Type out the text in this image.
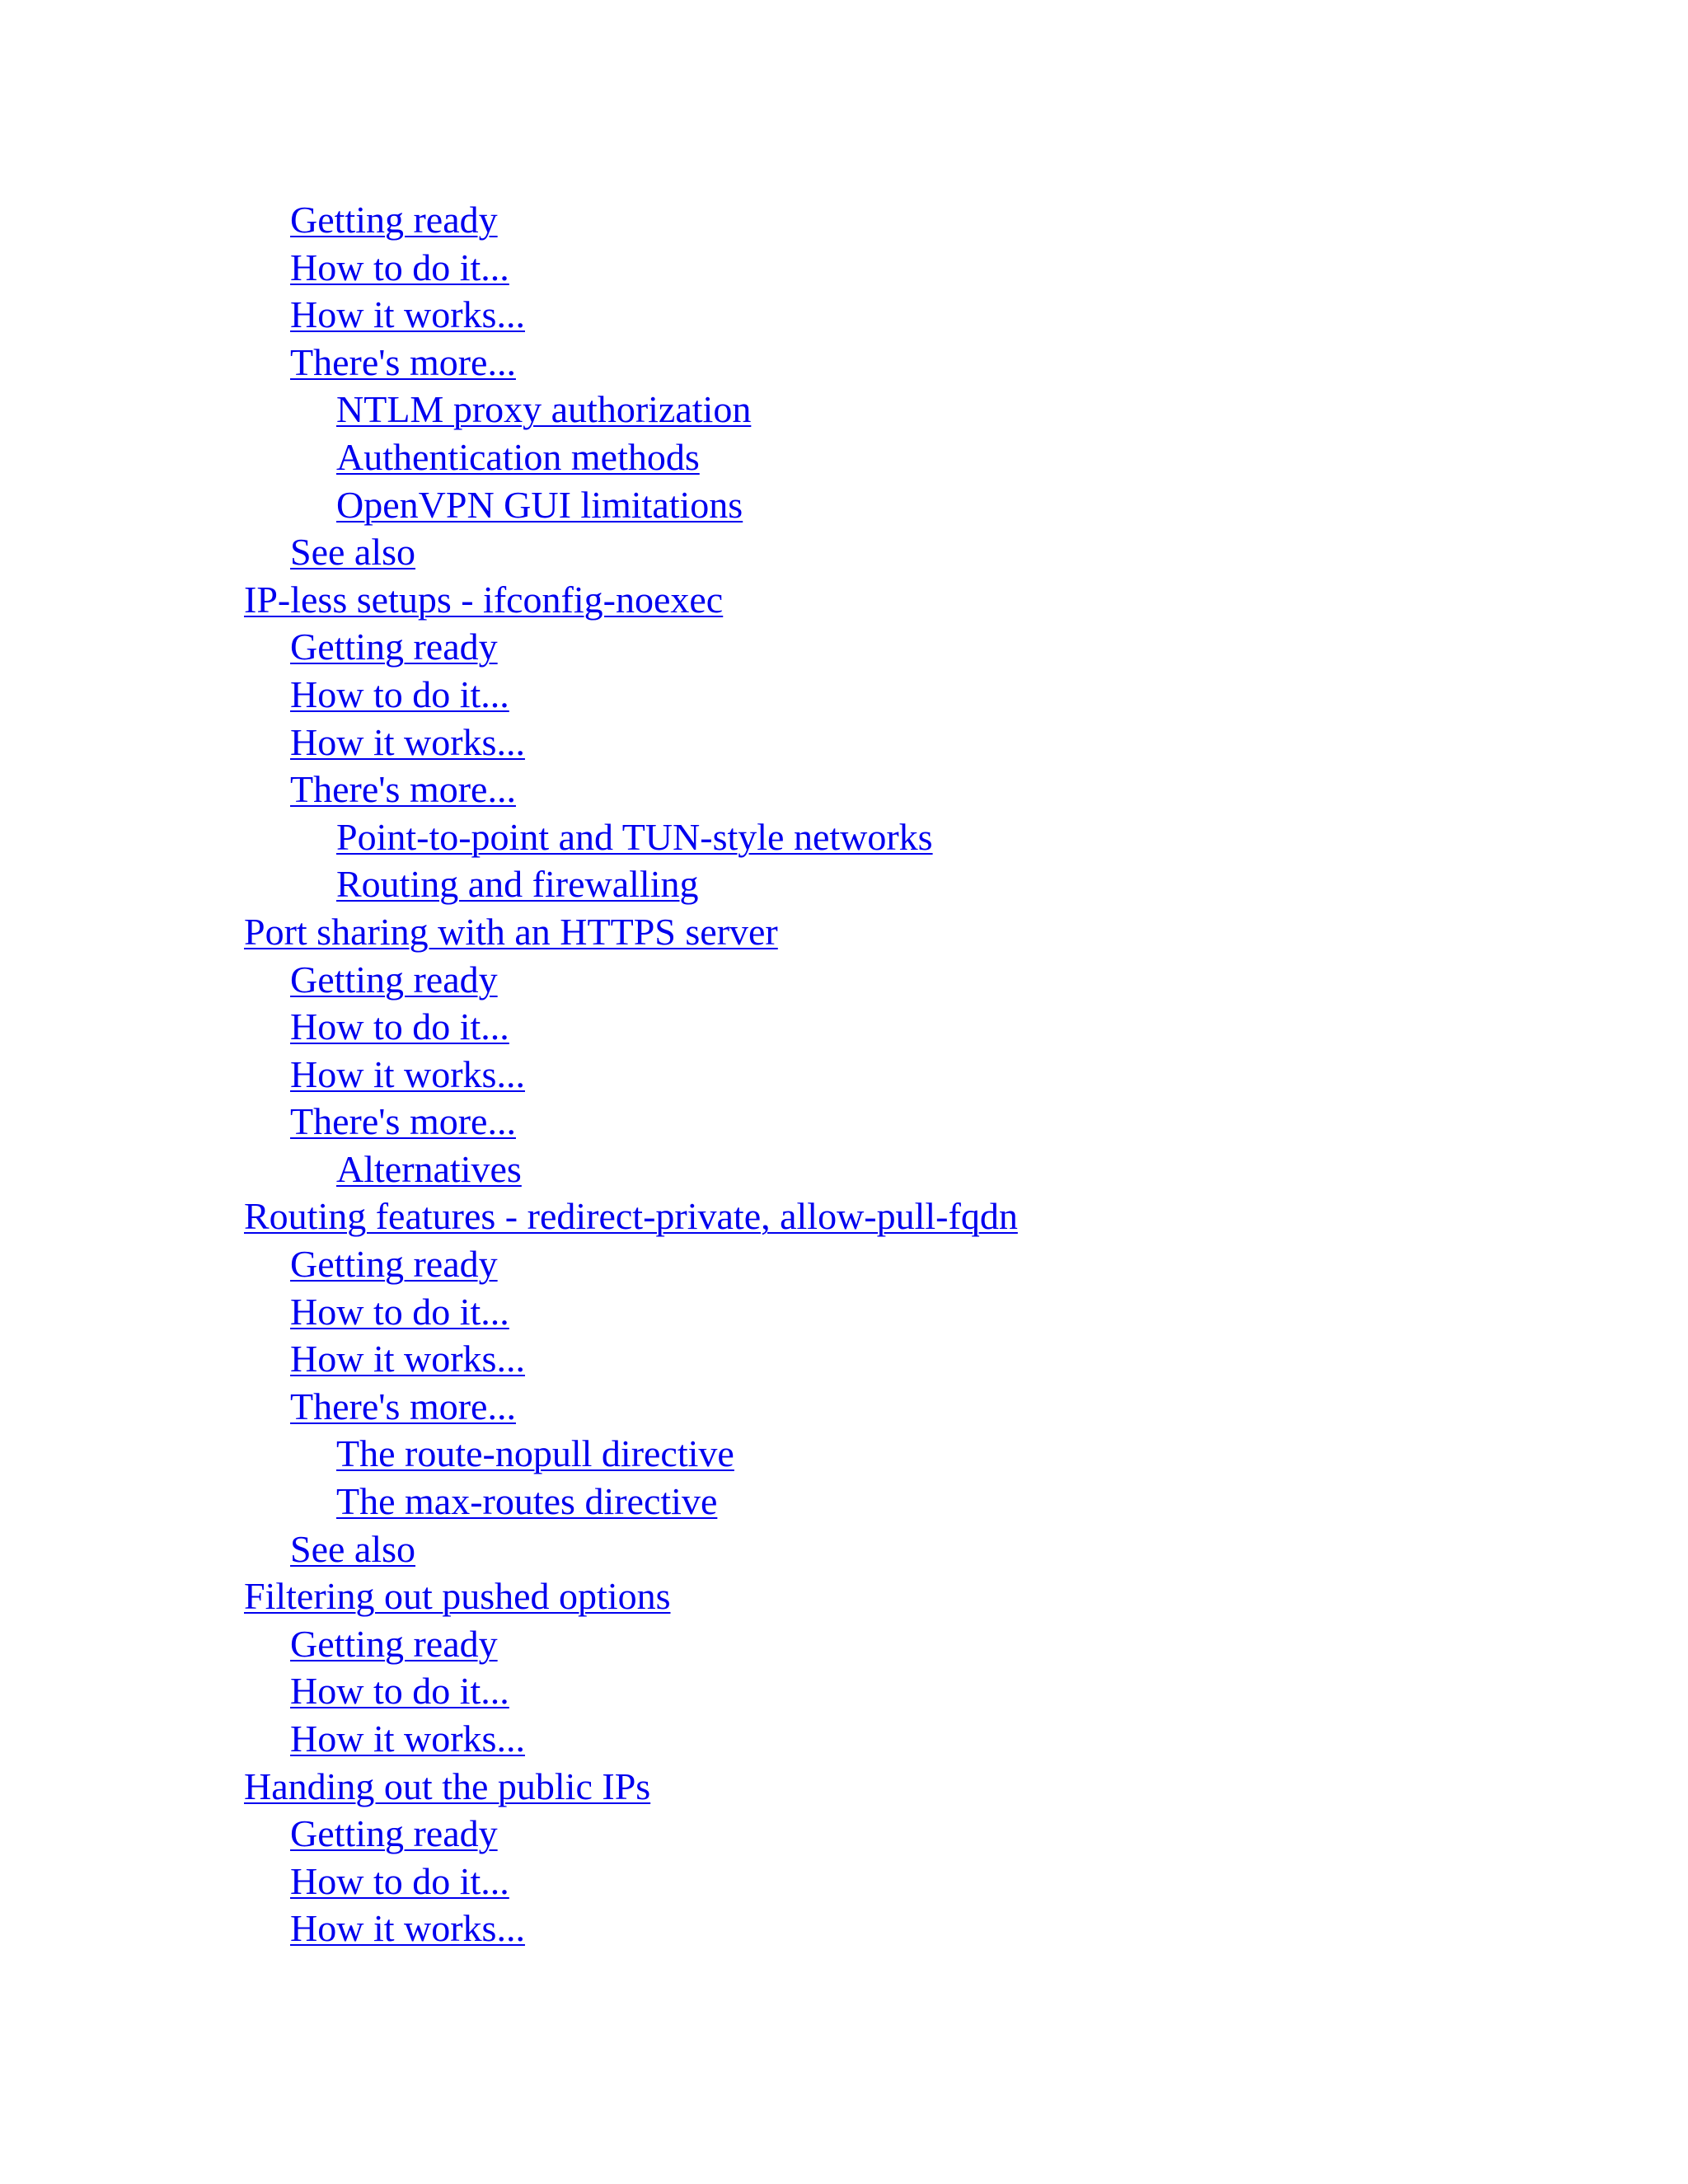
Getting ready
How to do it...
How it works...
There's more...
NTLM proxy authorization
Authentication methods
OpenVPN GUI limitations
See also
IP-less setups - ifconfig-noexec
Getting ready
How to do it...
How it works...
There's more...
Point-to-point and TUN-style networks
Routing and firewalling
Port sharing with an HTTPS server
Getting ready
How to do it...
How it works...
There's more...
Alternatives
Routing features - redirect-private, allow-pull-fqdn
Getting ready
How to do it...
How it works...
There's more...
The route-nopull directive
The max-routes directive
See also
Filtering out pushed options
Getting ready
How to do it...
How it works...
Handing out the public IPs
Getting ready
How to do it...
How it works...
